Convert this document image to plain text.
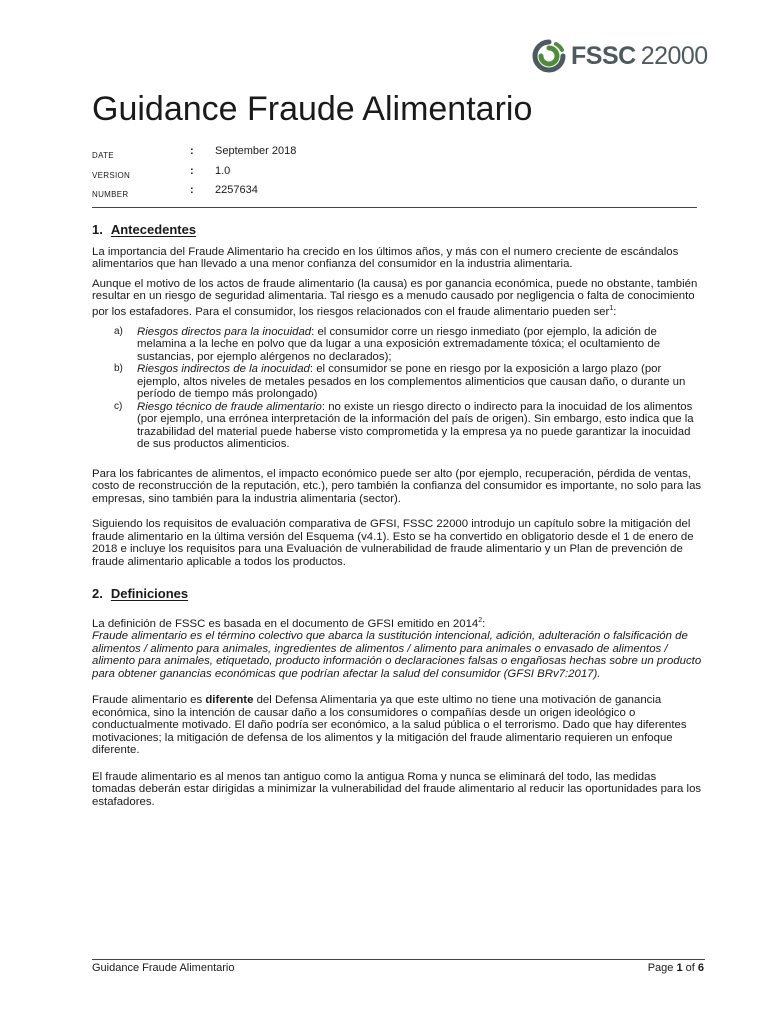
FSSC 22000
Guidance Fraude Alimentario
DATE	: September 2018
VERSION	: 1.0
NUMBER	: 2257634
1. Antecedentes

La importancia del Fraude Alimentario ha crecido en los últimos años, y más con el numero creciente de escándalos alimentarios que han llevado a una menor confianza del consumidor en la industria alimentaria.

Aunque el motivo de los actos de fraude alimentario (la causa) es por ganancia económica, puede no obstante, también resultar en un riesgo de seguridad alimentaria. Tal riesgo es a menudo causado por negligencia o falta de conocimiento por los estafadores. Para el consumidor, los riesgos relacionados con el fraude alimentario pueden ser$^1$:

a) Riesgos directos para la inocuidad: el consumidor corre un riesgo inmediato (por ejemplo, la adición de melamina a la leche en polvo que da lugar a una exposición extremadamente tóxica; el ocultamiento de sustancias, por ejemplo alérgenos no declarados);
b) Riesgos indirectos de la inocuidad: el consumidor se pone en riesgo por la exposición a largo plazo (por ejemplo, altos niveles de metales pesados en los complementos alimenticios que causan daño, o durante un período de tiempo más prolongado)
c) Riesgo técnico de fraude alimentario: no existe un riesgo directo o indirecto para la inocuidad de los alimentos (por ejemplo, una errónea interpretación de la información del país de origen). Sin embargo, esto indica que la trazabilidad del material puede haberse visto comprometida y la empresa ya no puede garantizar la inocuidad de sus productos alimenticios.

Para los fabricantes de alimentos, el impacto económico puede ser alto (por ejemplo, recuperación, pérdida de ventas, costo de reconstrucción de la reputación, etc.), pero también la confianza del consumidor es importante, no solo para las empresas, sino también para la industria alimentaria (sector).

Siguiendo los requisitos de evaluación comparativa de GFSI, FSSC 22000 introdujo un capítulo sobre la mitigación del fraude alimentario en la última versión del Esquema (v4.1). Esto se ha convertido en obligatorio desde el 1 de enero de 2018 e incluye los requisitos para una Evaluación de vulnerabilidad de fraude alimentario y un Plan de prevención de fraude alimentario aplicable a todos los productos.

2. Definiciones

La definición de FSSC es basada en el documento de GFSI emitido en 2014$^2$:
Fraude alimentario es el término colectivo que abarca la sustitución intencional, adición, adulteración o falsificación de alimentos / alimento para animales, ingredientes de alimentos / alimento para animales o envasado de alimentos / alimento para animales, etiquetado, producto información o declaraciones falsas o engañosas hechas sobre un producto para obtener ganancias económicas que podrían afectar la salud del consumidor (GFSI BRv7:2017).

Fraude alimentario es diferente del Defensa Alimentaria ya que este ultimo no tiene una motivación de ganancia económica, sino la intención de causar daño a los consumidores o compañías desde un origen ideológico o conductualmente motivado. El daño podría ser económico, a la salud pública o el terrorismo. Dado que hay diferentes motivaciones; la mitigación de defensa de los alimentos y la mitigación del fraude alimentario requieren un enfoque diferente.

El fraude alimentario es al menos tan antiguo como la antigua Roma y nunca se eliminará del todo, las medidas tomadas deberán estar dirigidas a minimizar la vulnerabilidad del fraude alimentario al reducir las oportunidades para los estafadores.

Guidance Fraude Alimentario	Page 1 of 6
